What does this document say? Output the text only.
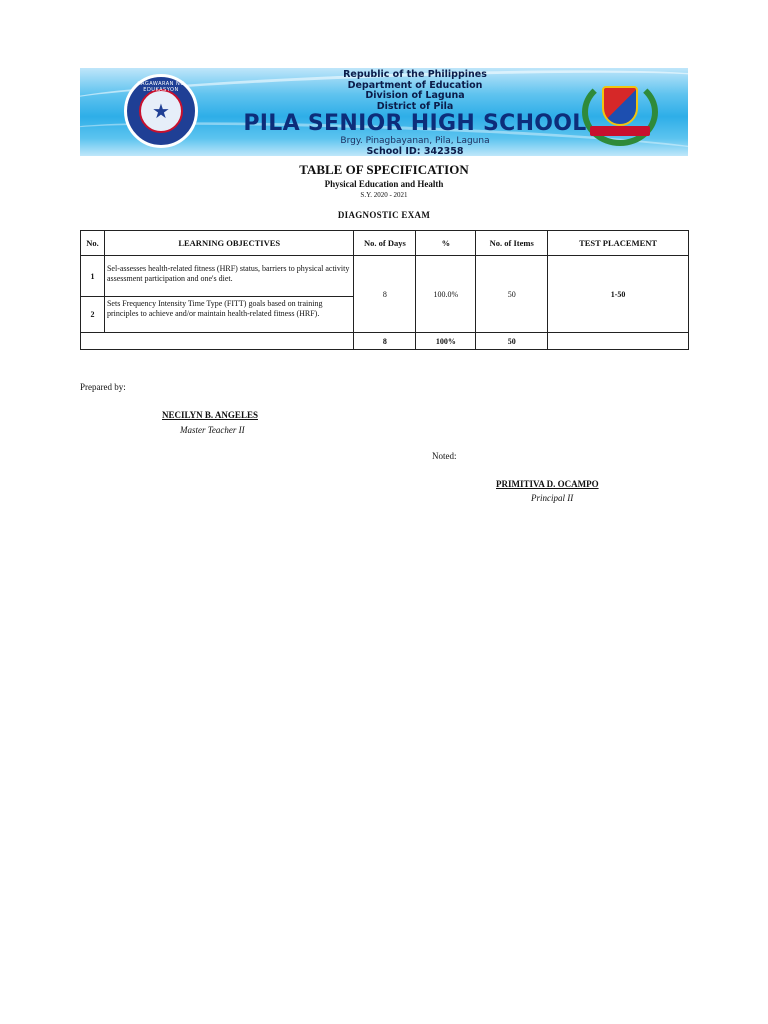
KAGAWARAN NG EDUKASYON
★
Republic of the Philippines
Department of Education
Division of Laguna
District of Pila
PILA SENIOR HIGH SCHOOL
Brgy. Pinagbayanan, Pila, Laguna
School ID: 342358
TABLE OF SPECIFICATION
Physical Education and Health
S.Y. 2020 - 2021
DIAGNOSTIC EXAM
No.	LEARNING OBJECTIVES	No. of Days	%	No. of Items	TEST PLACEMENT
1	Sel-assesses health-related fitness (HRF) status, barriers to physical activity assessment participation and one's diet.	8	100.0%	50	1-50
2	Sets Frequency Intensity Time Type (FITT) goals based on training principles to achieve and/or maintain health-related fitness (HRF).				
		8	100%	50	
Prepared by:
NECILYN B. ANGELES
Master Teacher II
Noted:
PRIMITIVA D. OCAMPO
Principal II
